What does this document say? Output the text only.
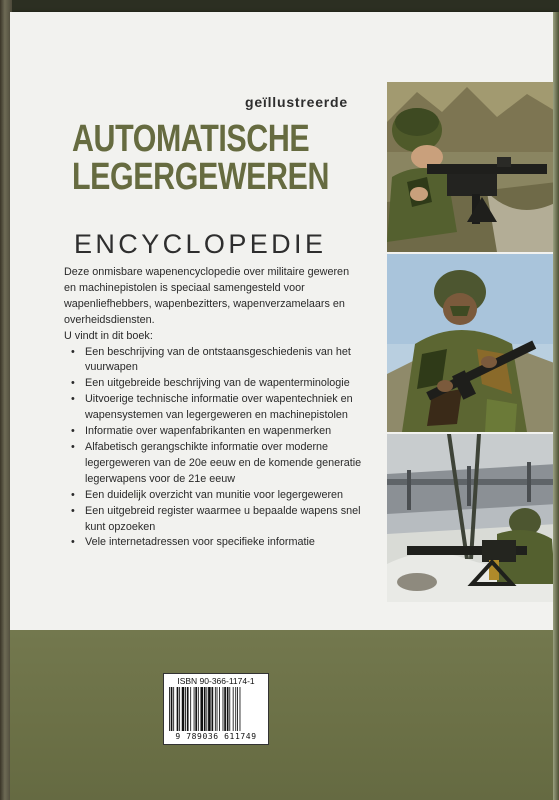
geïllustreerde
AUTOMATISCHE
LEGERGEWEREN
ENCYCLOPEDIE

Deze onmisbare wapenencyclopedie over militaire geweren en machinepistolen is speciaal samengesteld voor wapenliefhebbers, wapenbezitters, wapenverzamelaars en overheidsdiensten.

U vindt in dit boek:

• Een beschrijving van de ontstaansgeschiedenis van het vuurwapen
• Een uitgebreide beschrijving van de wapenterminologie
• Uitvoerige technische informatie over wapentechniek en wapensystemen van legergeweren en machinepistolen
• Informatie over wapenfabrikanten en wapenmerken
• Alfabetisch gerangschikte informatie over moderne legergeweren van de 20e eeuw en de komende generatie legerwapens voor de 21e eeuw
• Een duidelijk overzicht van munitie voor legergeweren
• Een uitgebreid register waarmee u bepaalde wapens snel kunt opzoeken
• Vele internetadressen voor specifieke informatie
ISBN 90-366-1174-1
9 789036 611749
